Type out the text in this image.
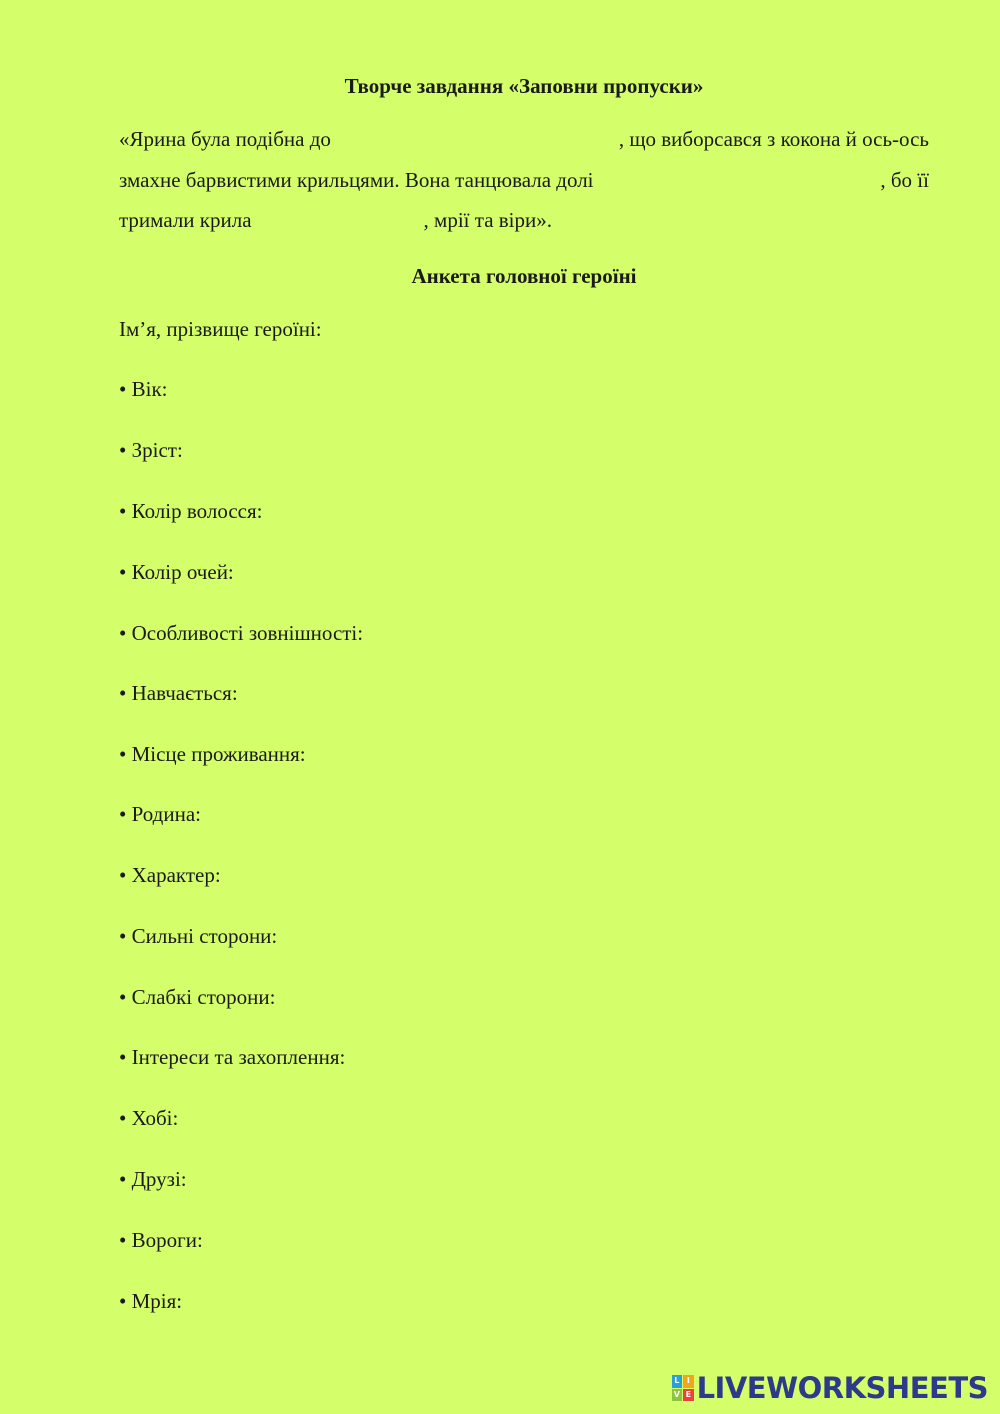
Творче завдання «Заповни пропуски»
«Ярина була подібна до	, що виборсався з кокона й ось-ось
змахне барвистими крильцями. Вона танцювала долі	, бо її
тримали крила	, мрії та віри».
Анкета головної героїні
Ім’я, прізвище героїні:
• Вік:
• Зріст:
• Колір волосся:
• Колір очей:
• Особливості зовнішності:
• Навчається:
• Місце проживання:
• Родина:
• Характер:
• Сильні сторони:
• Слабкі сторони:
• Інтереси та захоплення:
• Хобі:
• Друзі:
• Вороги:
• Мрія:
L I
V E LIVEWORKSHEETS
